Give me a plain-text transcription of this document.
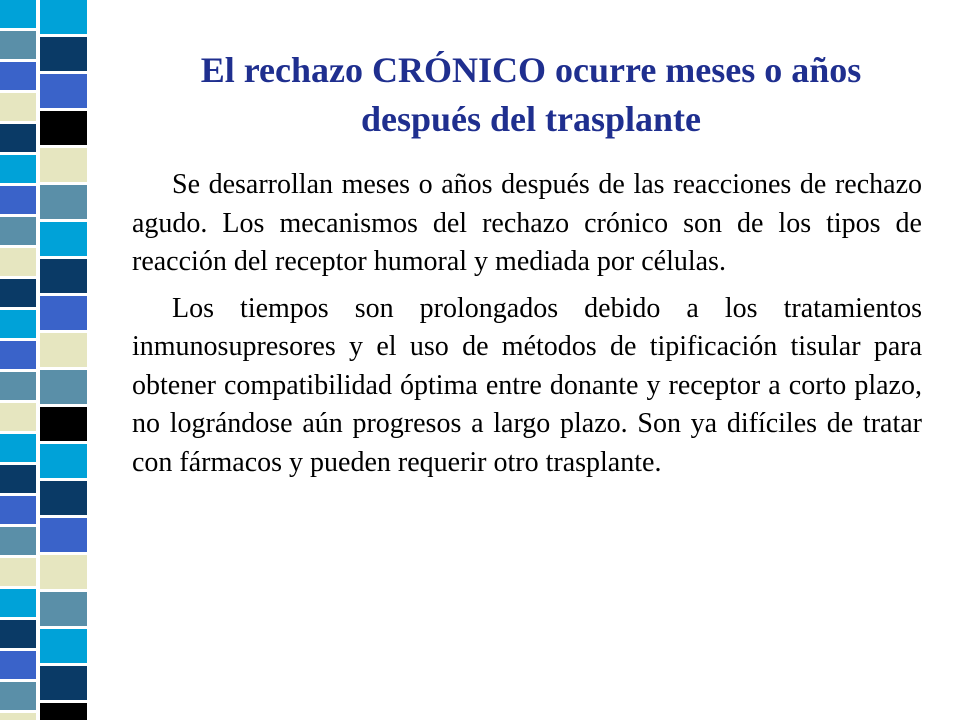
El rechazo CRÓNICO ocurre meses o años
después del trasplante

Se desarrollan meses o años después de las reacciones de rechazo agudo. Los mecanismos del rechazo crónico son de los tipos de reacción del receptor humoral y mediada por células.

Los tiempos son prolongados debido a los tratamientos inmunosupresores y el uso de métodos de tipificación tisular para obtener compatibilidad óptima entre donante y receptor a corto plazo, no lográndose aún progresos a largo plazo. Son ya difíciles de tratar con fármacos y pueden requerir otro trasplante.
